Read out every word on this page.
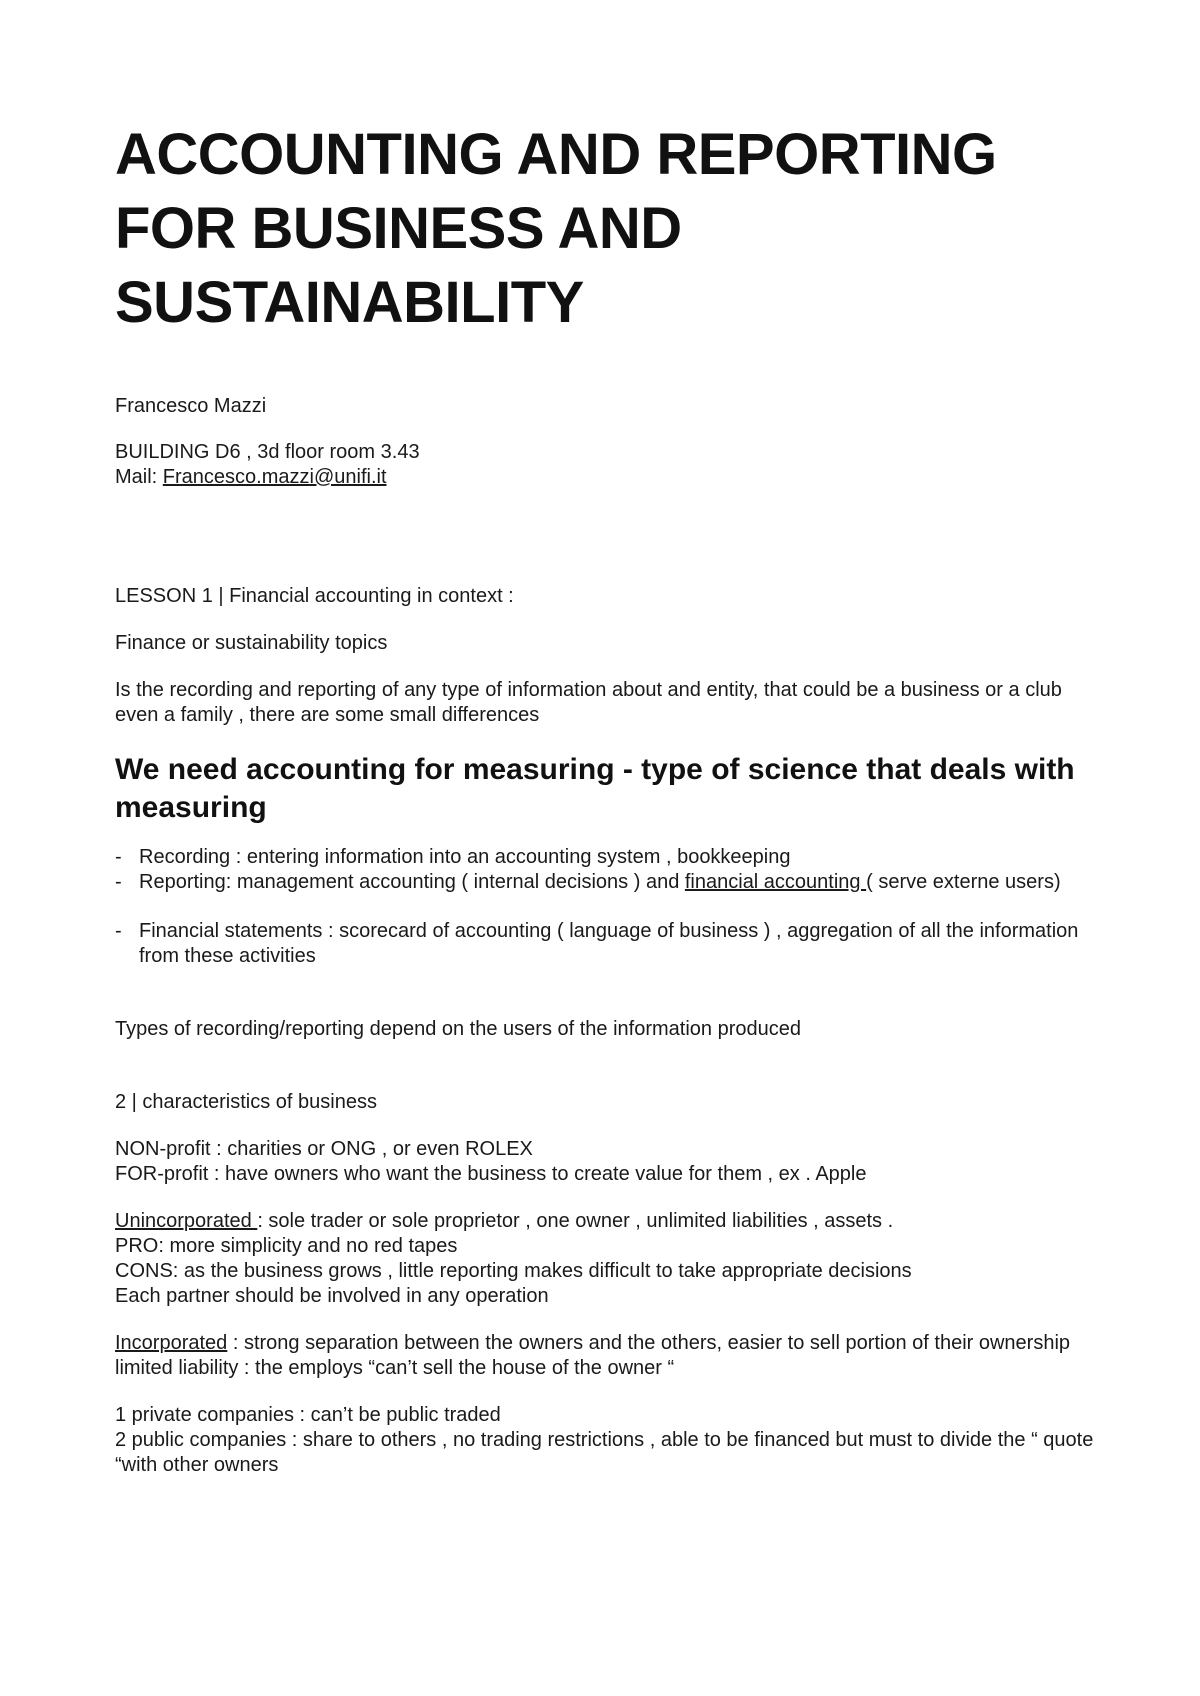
ACCOUNTING AND REPORTING
FOR BUSINESS AND
SUSTAINABILITY

Francesco Mazzi

BUILDING D6 , 3d floor room 3.43

Mail: Francesco.mazzi@unifi.it

LESSON 1 | Financial accounting in context :

Finance or sustainability topics

Is the recording and reporting of any type of information about and entity, that could be a business or a club even a family , there are some small differences

We need accounting for measuring - type of science that deals with measuring
- Recording : entering information into an accounting system , bookkeeping
- Reporting: management accounting ( internal decisions ) and financial accounting ( serve externe users)
- Financial statements : scorecard of accounting ( language of business ) , aggregation of all the information from these activities

Types of recording/reporting depend on the users of the information produced

2 | characteristics of business

NON-profit : charities or ONG , or even ROLEX

FOR-profit : have owners who want the business to create value for them , ex . Apple

Unincorporated : sole trader or sole proprietor , one owner , unlimited liabilities , assets .

PRO: more simplicity and no red tapes

CONS: as the business grows , little reporting makes difficult to take appropriate decisions

Each partner should be involved in any operation

Incorporated : strong separation between the owners and the others, easier to sell portion of their ownership

limited liability : the employs “can’t sell the house of the owner “

1 private companies : can’t be public traded

2 public companies : share to others , no trading restrictions , able to be financed but must to divide the “ quote “with other owners
